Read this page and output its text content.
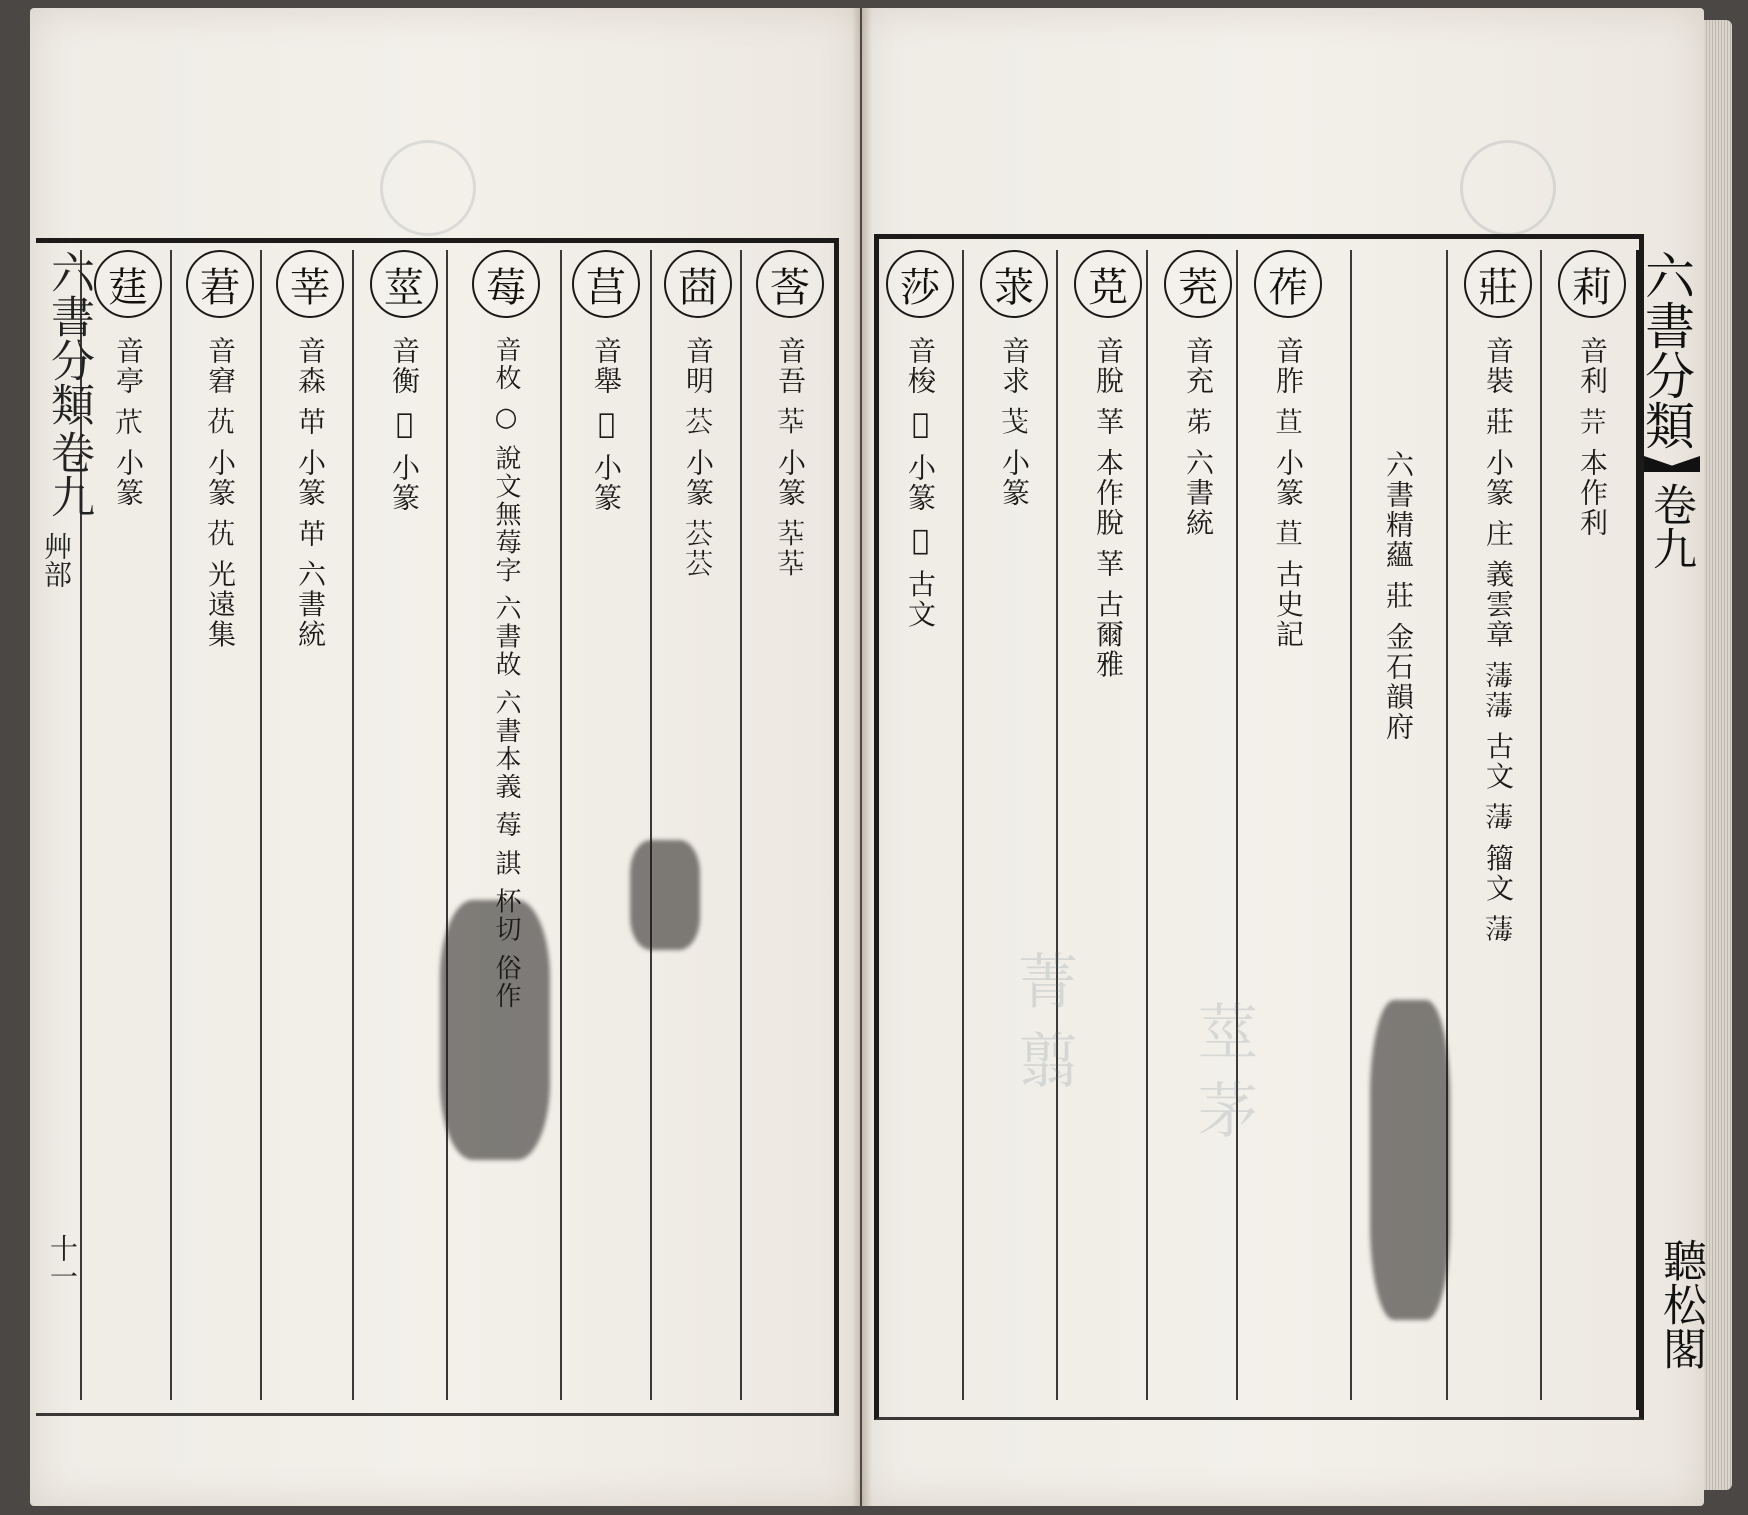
莖 茅
菁 翦
六書分類
卷九
聽松閣
莉
音利 𦬟 本作利
莊
音裝 莊 小篆 庄 義雲章 𦺇𦺇 古文 𦺇 籀文 𦺇
六書精蘊 莊 金石韻府
莋
音胙 𦬹 小篆 𦬹 古史記
茺
音充 𦬷 六書統
莌
音脫 𦭵 本作脫 𦭵 古爾雅
莍
音求 𦬗 小篆
莎
音梭 𦯿 小篆 𦯿 古文
莟
音吾 𦬡 小篆 𦬡𦬡
莔
音明 𦬘 小篆 𦬘𦬘
莒
音舉 𦬐 小篆
莓
音枚 ○ 說文無莓字 六書故 六書本義 莓 諆 杯切 俗作
莖
音衡 𦬒 小篆
莘
音森 𦬕 小篆 𦬕 六書統
莙
音窘 𦬖 小篆 𦬖 光遠集
莛
音亭 𦬔 小篆
六書分類 卷九 艸部
十一
